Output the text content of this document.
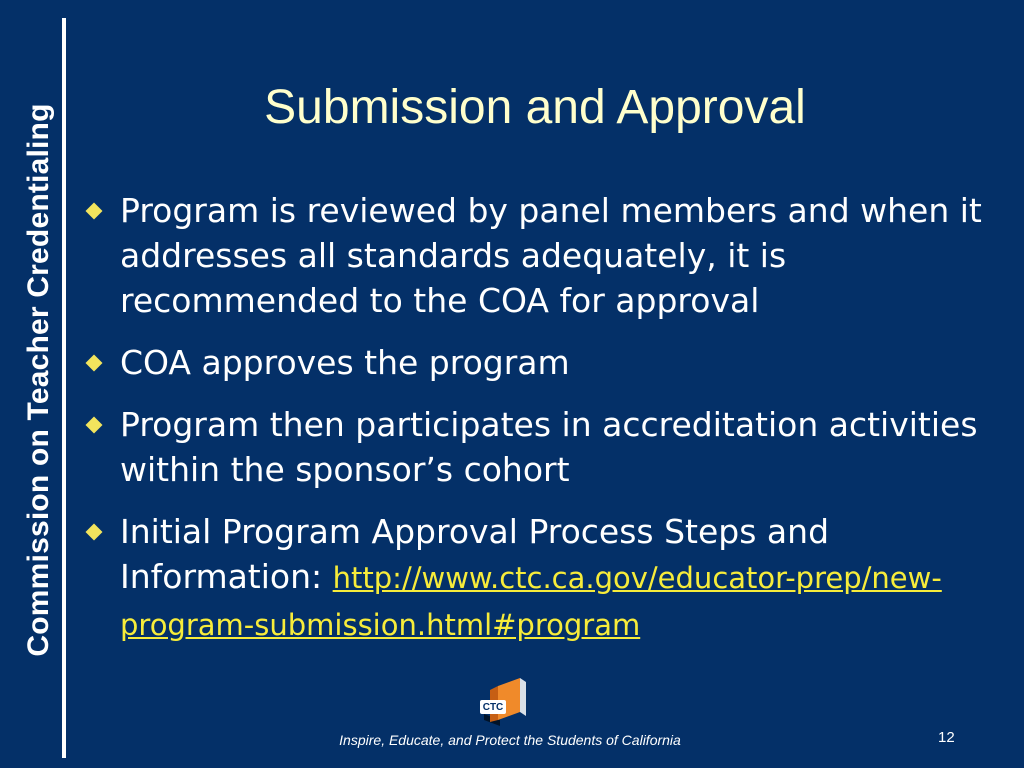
Commission on Teacher Credentialing	Submission and Approval
Program is reviewed by panel members and when it addresses all standards adequately, it is recommended to the COA for approval
COA approves the program
Program then participates in accreditation activities within the sponsor’s cohort
Initial Program Approval Process Steps and Information: http://www.ctc.ca.gov/educator-prep/new-program-submission.html#program
CTC
Inspire, Educate, and Protect the Students of California	12
